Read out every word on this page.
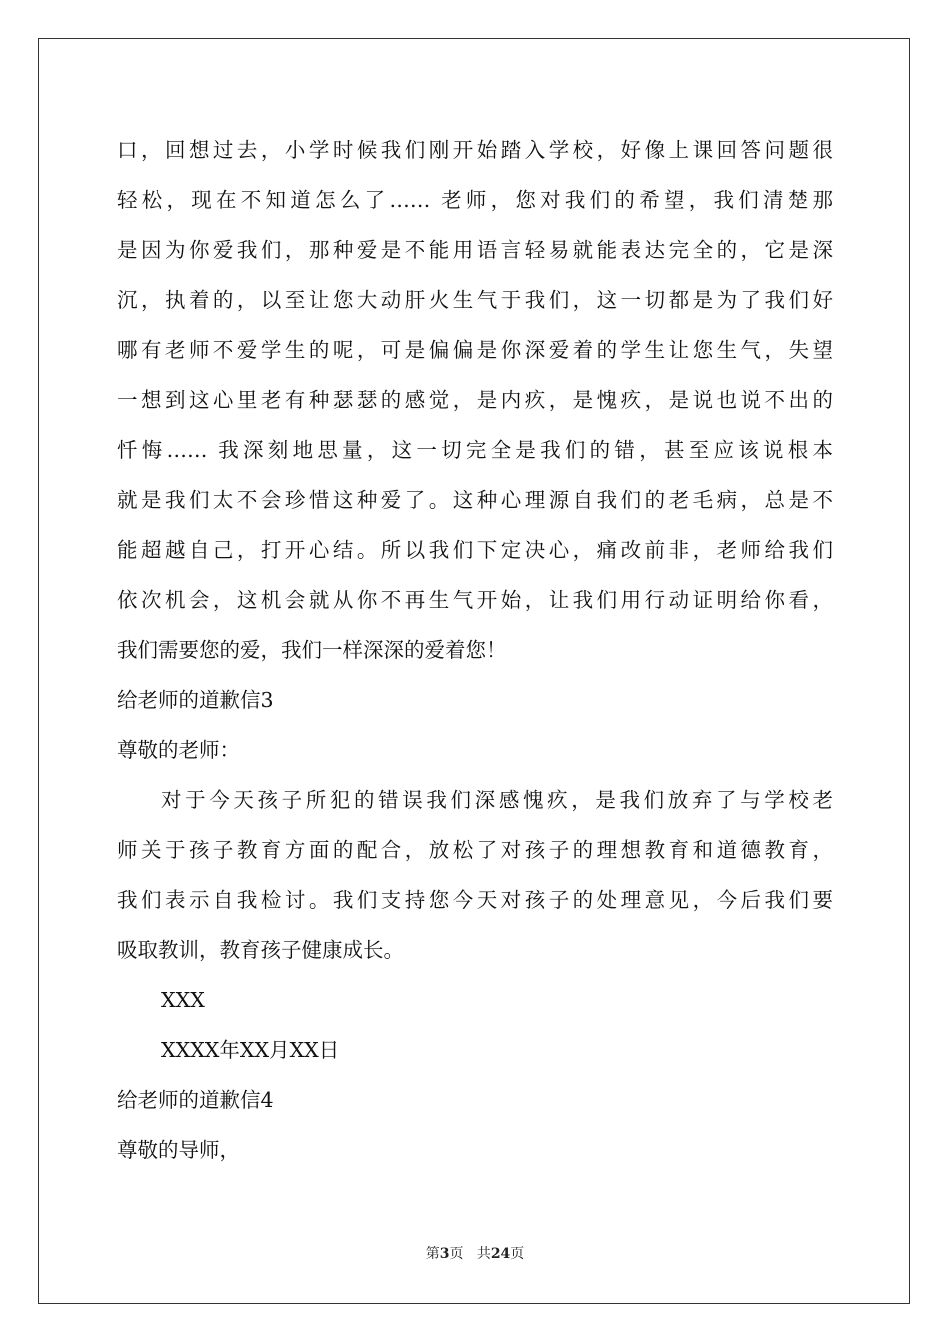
口，回想过去，小学时候我们刚开始踏入学校，好像上课回答问题很
轻松，现在不知道怎么了…… 老师，您对我们的希望，我们清楚那
是因为你爱我们，那种爱是不能用语言轻易就能表达完全的，它是深
沉，执着的，以至让您大动肝火生气于我们，这一切都是为了我们好
哪有老师不爱学生的呢，可是偏偏是你深爱着的学生让您生气，失望
一想到这心里老有种瑟瑟的感觉，是内疚，是愧疚，是说也说不出的
忏悔…… 我深刻地思量，这一切完全是我们的错，甚至应该说根本
就是我们太不会珍惜这种爱了。这种心理源自我们的老毛病，总是不
能超越自己，打开心结。所以我们下定决心，痛改前非，老师给我们
依次机会，这机会就从你不再生气开始，让我们用行动证明给你看，
我们需要您的爱，我们一样深深的爱着您！
给老师的道歉信3
尊敬的老师：
对于今天孩子所犯的错误我们深感愧疚，是我们放弃了与学校老
师关于孩子教育方面的配合，放松了对孩子的理想教育和道德教育，
我们表示自我检讨。我们支持您今天对孩子的处理意见，今后我们要
吸取教训，教育孩子健康成长。
XXX
XXXX年XX月XX日
给老师的道歉信4
尊敬的导师，
第3页 共24页
